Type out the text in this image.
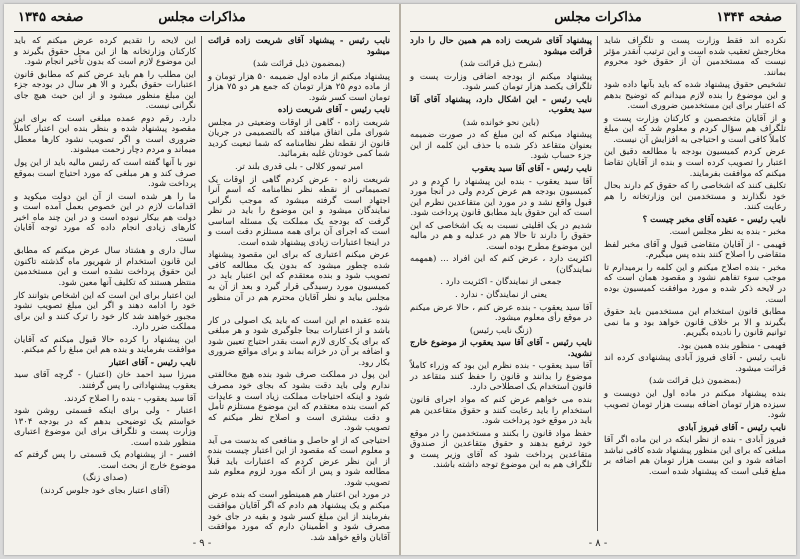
صفحه ۱۳۴۵	مذاکرات مجلس

نایب رئیس - پیشنهاد آقای شریعت زاده قرائت میشود

(بمضمون ذیل قرائت شد)

پیشنهاد میکنم از ماده اول ضمیمه ۵۰ هزار تومان و از ماده دوم ۲۵ هزار تومان که جمع هر دو ۷۵ هزار تومان است کسر شود.

نایب رئیس - آقای شریعت زاده

شریعت زاده - گاهی از اوقات وضعیتی در مجلس شورای ملی اتفاق میافتد که بالتصمیمی در جریان قانون از نقطه نظر نظامنامه که شما تبعیت کردید شما کمی خودتان غلبه بفرمائید.

امیر تیمور کلالی - بلی قدری بلند تر.

شریعت زاده - عرض کردم گاهی از اوقات یک تصمیماتی از نقطه نظر نظامنامه که اسم آنرا اجتهاد است گرفته میشود که موجب نگرانی نمایندگان میشود و این موضوع را باید در نظر گرفت که بودجه یک مملکت یک مسئله اساسی است که اجرای آن برای همه مستلزم دقت است و در اینجا اعتبارات زیادی پیشنهاد شده است.

عرض میکنم اعتباری که برای این مقصود پیشنهاد شده چطور میشود که بدون یک مطالعه کافی تصویب شود و بنده معتقدم که این اعتبار باید در کمیسیون مورد رسیدگی قرار گیرد و بعد از آن به مجلس بیاید و نظر آقایان محترم هم در آن منظور شود.

بنده عقیده ام این است که باید یک اصولی در کار باشد و از اعتبارات بیجا جلوگیری شود و هر مبلغی که برای یک کاری لازم است بقدر احتیاج تعیین شود و اضافه بر آن در خزانه بماند و برای مواقع ضروری بکار رود.

این پول در مملکت صرف شود بنده هیچ مخالفتی ندارم ولی باید دقت بشود که بجای خود مصرف شود و اینکه احتیاجات مملکت زیاد است و عایدات کم است بنده معتقدم که این موضوع مستلزم تأمل و دقت بیشتری است و اصلاح نظر میکنم که تصویب شود.

احتیاجی که از او حاصل و منافعی که بدست می آید و معلوم است که مقصود از این اعتبار چیست بنده از این نظر عرض کردم که اعتبارات باید قبلاً مطالعه شود و پس از آنکه مورد لزوم معلوم شد تصویب شود.

در مورد این اعتبار هم همینطور است که بنده عرض میکنم و یک پیشنهاد هم دادم که اگر آقایان موافقت بفرمایند از این مبلغ کسر شود و بقیه در جای خود مصرف شود و اطمینان دارم که مورد موافقت آقایان واقع خواهد شد.

این لایحه را تقدیم کرده عرض میکنم که باید کارکنان وزارتخانه ها از این محل حقوق بگیرند و این موضوع لازم است که بدون تأخیر انجام شود.

این مطلب را هم باید عرض کنم که مطابق قانون اعتبارات حقوق بگیرد و الا هر سال در بودجه جزء این مبلغ منظور میشود و از این حیث هیچ جای نگرانی نیست.

دارد. رقم دوم عمده مبلغی است که برای این مقصود پیشنهاد شده و بنظر بنده این اعتبار کاملاً ضروری است و اگر تصویب نشود کارها معطل میماند و مردم دچار زحمت میشوند.

نور با آنها گفته است که رئیس مالیه باید از این پول صرف کند و هر مبلغی که مورد احتیاج است بموقع پرداخت شود.

ما را هر شده است از آن این دولت میکوید و اقدامات لازم در این خصوص بعمل آمده است و دولت هم بیکار نبوده است و در این چند ماه اخیر کارهای زیادی انجام داده که مورد توجه آقایان است.

سال داری و هشتاد سال عرض میکنم که مطابق این قانون استخدام از شهریور ماه گذشته تاکنون این حقوق پرداخت نشده است و این مستخدمین منتظر هستند که تکلیف آنها معین شود.

این اعتبار برای این است که این اشخاص بتوانند کار خود را ادامه دهند و اگر این مبلغ تصویب نشود مجبور خواهند شد کار خود را ترک کنند و این برای مملکت ضرر دارد.

این پیشنهاد را کرده حالا قبول میکنم که آقایان موافقت بفرمایند و بنده هم این مبلغ را کم میکنم.

نایب رئیس - آقای اعتبار

میرزا سید احمد خان (اعتبار) - گرچه آقای سید یعقوب پیشنهاداتی را پس گرفتند.

آقا سید یعقوب - بنده را اصلاح کردند.

اعتبار - ولی برای اینکه قسمتی روشن شود خواستم یک توضیحی بدهم که در بودجه ۱۳۰۴ وزارت پست و تلگراف برای این موضوع اعتباری منظور شده است.

افسر - از پیشنهادم یک قسمتی را پس گرفتم که موضوع خارج از بحث است.

(صدای زنگ)

(آقای اعتبار بجای خود جلوس کردند)

- ۹ -
صفحه ۱۳۴۴
مذاکرات مجلس

نکرده اند فقط وزارت پست و تلگراف شاید مخارجش تعقیب شده است و این ترتیب آنقدر مؤثر نیست که مستخدمین آن از حقوق خود محروم بمانند.

تشخیص حقوق پیشنهاد شده که باید بآنها داده شود و این موضوع را بنده لازم میدانم که توضیح بدهم که اعتبار برای این مستخدمین ضروری است.

و از آقایان متخصصین و کارکنان وزارت پست و تلگراف هم سؤال کردم و معلوم شد که این مبلغ کاملاً کافی است و احتیاجی به افزایش آن نیست.

عرض کردم کمیسیون بودجه با مطالعه دقیق این اعتبار را تصویب کرده است و بنده از آقایان تقاضا میکنم که موافقت بفرمایند.

تکلیف کنند که اشخاصی را که حقوق کم دارند بحال خود نگذارند و مستخدمین این وزارتخانه را هم رعایت کنند.

نایب رئیس - عقیده آقای مخبر چیست ؟

مخبر - بنده به نظر مجلس است.

فهیمی - از آقایان متقاضی قبول و آقای مخبر لفظ متقاضی را اصلاح کنند بنده پس میگیرم.

مخبر - بنده اصلاح میکنم و این کلمه را برمیدارم تا موجب سوء تفاهم نشود و مقصود همان است که در لایحه ذکر شده و مورد موافقت کمیسیون بوده است.

مطابق قانون استخدام این مستخدمین باید حقوق بگیرند و الا بر خلاف قانون خواهد بود و ما نمی توانیم قانون را نادیده بگیریم.

فهیمی - منظور بنده همین بود.

نایب رئیس - آقای فیروز آبادی پیشنهادی کرده اند قرائت میشود.

(بمضمون ذیل قرائت شد)

بنده پیشنهاد میکنم در ماده اول این دویست و سیزده هزار تومان اضافه بیست هزار تومان تصویب شود.

نایب رئیس - آقای فیروز آبادی

فیروز آبادی - بنده از نظر اینکه در این ماده اگر آقا مبلغی که برای این منظور پیشنهاد شده کافی نباشد اضافه شود و این بیست هزار تومان هم اضافه بر مبلغ قبلی است که پیشنهاد شده است.

پیشنهاد آقای شریعت زاده هم همین حال را دارد قرائت میشود

(بشرح ذیل قرائت شد)

پیشنهاد میکنم از بودجه اضافی وزارت پست و تلگراف یکصد هزار تومان کسر شود.

نایب رئیس - این اشکال دارد، پیشنهاد آقای آقا سید یعقوب.

(باین نحو خوانده شد)

پیشنهاد میکنم که این مبلغ که در صورت ضمیمه بعنوان متقاعد ذکر شده با حذف این کلمه از این جزء حساب شود.

نایب رئیس - آقای آقا سید یعقوب

آقا سید یعقوب - بنده این پیشنهاد را کردم و در کمیسیون بودجه هم عرض کردم ولی در آنجا مورد قبول واقع نشد و در مورد این متقاعدین نظرم این است که این حقوق باید مطابق قانون پرداخت شود.

شدیم در یک اقلیتی نسبت به یک اشخاصی که این حقوق را دارند تا حالا هم در عدلیه و هم در مالیه این موضوع مطرح بوده است.

اکثریت دارد ، عرض کنم که این افراد ... (همهمه نمایندگان)

جمعی از نمایندگان - اکثریت دارد .

یعنی از نمایندگان - ندارد .

آقا سید یعقوب - بنده عرض کنم ، حالا عرض میکنم در موقع رأی معلوم میشود.

(زنگ نایب رئیس)

نایب رئیس - آقای آقا سید یعقوب از موضوع خارج نشوید.

آقا سید یعقوب - بنده نظرم این بود که وزراء کاملاً موضوع را بدانند و قانون را حفظ کنند متقاعد در قانون استخدام یک اصطلاحی دارد.

بنده می خواهم عرض کنم که مواد اجرای قانون استخدام را باید رعایت کنند و حقوق متقاعدین هم باید در موقع خود پرداخت شود.

حفظ مواد قانون را بکنند و مستخدمین را در موقع خود ترفیع بدهند و حقوق متقاعدین از صندوق متقاعدین پرداخت شود که آقای وزیر پست و تلگراف هم به این موضوع توجه داشته باشند.

- ۸ -
